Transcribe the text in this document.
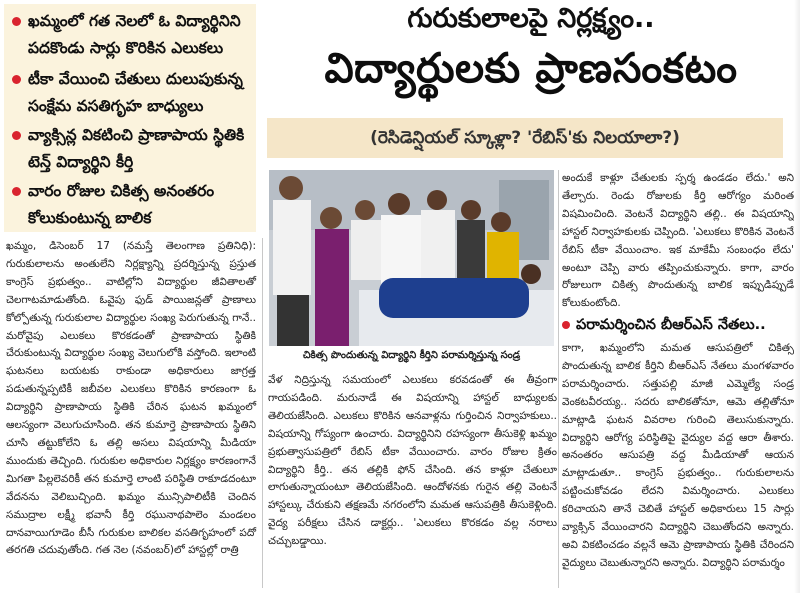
ఖమ్మంలో గత నెలలో ఓ విద్యార్థినిని పదకొండు సార్లు కొరికిన ఎలుకలు
టీకా వేయించి చేతులు దులుపుకున్న సంక్షేమ వసతిగృహ బాధ్యులు
వ్యాక్సిన్ల వికటించి ప్రాణాపాయ స్థితికి టెన్త్ విద్యార్థిని కీర్తి
వారం రోజుల చికిత్స అనంతరం కోలుకుంటున్న బాలిక
గురుకులాలపై నిర్లక్ష్యం..
విద్యార్థులకు ప్రాణసంకటం
(రెసిడెన్షియల్ స్కూళ్లా? 'రేబిస్'కు నిలయాలా?)
చికిత్స పొందుతున్న విద్యార్థిని కీర్తిని పరామర్శిస్తున్న సండ్ర

ఖమ్మం, డిసెంబర్ 17 (నమస్తే తెలంగాణ ప్రతినిధి): గురుకులాలను అంతులేని నిర్లక్ష్యాన్ని ప్రదర్శిస్తున్న ప్రస్తుత కాంగ్రెస్ ప్రభుత్వం.. వాటిల్లోని విద్యార్థుల జీవితాలతో చెలగాటమాడుతోంది. ఓవైపు ఫుడ్ పాయిజన్లతో ప్రాణాలు కోల్పోతున్న గురుకులాల విద్యార్థుల సంఖ్య పెరుగుతున్న గానే.. మరోవైపు ఎలుకలు కొరకడంతో ప్రాణాపాయ స్థితికి చేరుకుంటున్న విద్యార్థుల సంఖ్య వెలుగులోకి వస్తోంది. ఇలాంటి ఘటనలు బయటకు రాకుండా అధికారులు జాగ్రత్త పడుతున్నప్పటికీ జబీవల ఎలుకలు కొరికిన కారణంగా ఓ విద్యార్థిని ప్రాణాపాయ స్థితికి చేరిన ఘటన ఖమ్మంలో ఆలస్యంగా వెలుగుచూసింది. తన కుమార్తె ప్రాణాపాయ స్థితిని చూసి తట్టుకోలేని ఓ తల్లి అసలు విషయాన్ని మీడియా ముందుకు తెచ్చింది. గురుకుల అధికారుల నిర్లక్ష్యం కారణంగానే మిగతా పిల్లలెవరికీ తన కుమార్తె లాంటి పరిస్థితి రాకూడదంటూ వేదనను వెలిబుచ్చింది. ఖమ్మం మున్సిపాలిటీకి చెందిన సముద్రాల లక్ష్మీ భవానీ కీర్తి రఘునాథపాలెం మండలం దానవాయిగూడెం బీసీ గురుకుల బాలికల వసతిగృహంలో పదో తరగతి చదువుతోంది. గత నెల (నవంబర్)లో హాస్టల్లో రాత్రి

వేళ నిద్రిస్తున్న సమయంలో ఎలుకలు కరవడంతో ఈ తీవ్రంగా గాయపడింది. మరునాడే ఈ విషయాన్ని హాస్టల్ బాధ్యులకు తెలియజేసింది. ఎలుకలు కొరికిన ఆనవాళ్లను గుర్తించిన నిర్వాహకులు.. విషయాన్ని గోప్యంగా ఉంచారు. విద్యార్థినిని రహస్యంగా తీసుకెళ్లి ఖమ్మం ప్రభుత్వాసుపత్రిలో రేబిస్ టీకా వేయించారు. వారం రోజుల క్రితం విద్యార్థిని కీర్తి.. తన తల్లికి ఫోన్ చేసింది. తన కాళ్లూ చేతులూ లాగుతున్నాయంటూ తెలియజేసింది. ఆందోళనకు గురైన తల్లి వెంటనే హాస్టల్కు చేరుకుని తక్షణమే నగరంలోని మమత ఆసుపత్రికి తీసుకెళ్లింది. వైద్య పరీక్షలు చేసిన డాక్టర్లు.. 'ఎలుకలు కొరకడం వల్ల నరాలు చచ్చుబడ్డాయి.

అందుకే కాళ్లూ చేతులకు స్పర్శ ఉండడం లేదు.' అని తేల్చారు. రెండు రోజులకు కీర్తి ఆరోగ్యం మరింత విషమించింది. వెంటనే విద్యార్థిని తల్లి.. ఈ విషయాన్ని హాస్టల్ నిర్వాహకులకు చెప్పింది. 'ఎలుకలు కొరికిన వెంటనే రేబిస్ టీకా వేయించాం. ఇక మాకేమీ సంబంధం లేదు' అంటూ చెప్పి వారు తప్పించుకున్నారు. కాగా, వారం రోజులుగా చికిత్స పొందుతున్న బాలిక ఇప్పుడిప్పుడే కోలుకుంటోంది.

పరామర్శించిన బీఆర్ఎస్ నేతలు..

కాగా, ఖమ్మంలోని మమత ఆసుపత్రిలో చికిత్స పొందుతున్న బాలిక కీర్తిని బీఆర్ఎస్ నేతలు మంగళవారం పరామర్శించారు. సత్తుపల్లి మాజీ ఎమ్మెల్యే సండ్ర వెంకటవీరయ్య.. సదరు బాలికతోనూ, ఆమె తల్లితోనూ మాట్లాడి ఘటన వివరాల గురించి తెలుసుకున్నారు. విద్యార్థిని ఆరోగ్య పరిస్థితిపై వైద్యుల వద్ద ఆరా తీశారు. అనంతరం ఆసుపత్రి వద్ద మీడియాతో ఆయన మాట్లాడుతూ.. కాంగ్రెస్ ప్రభుత్వం.. గురుకులాలను పట్టించుకోవడం లేదని విమర్శించారు. ఎలుకలు కరిచాయని తానే చెబితే హాస్టల్ అధికారులు 15 సార్లు వ్యాక్సిన్ వేయించారని విద్యార్థిని చెబుతోందని అన్నారు. అవి వికటించడం వల్లనే ఆమె ప్రాణాపాయ స్థితికి చేరిందని వైద్యులు చెబుతున్నారని అన్నారు. విద్యార్థిని పరామర్శం
